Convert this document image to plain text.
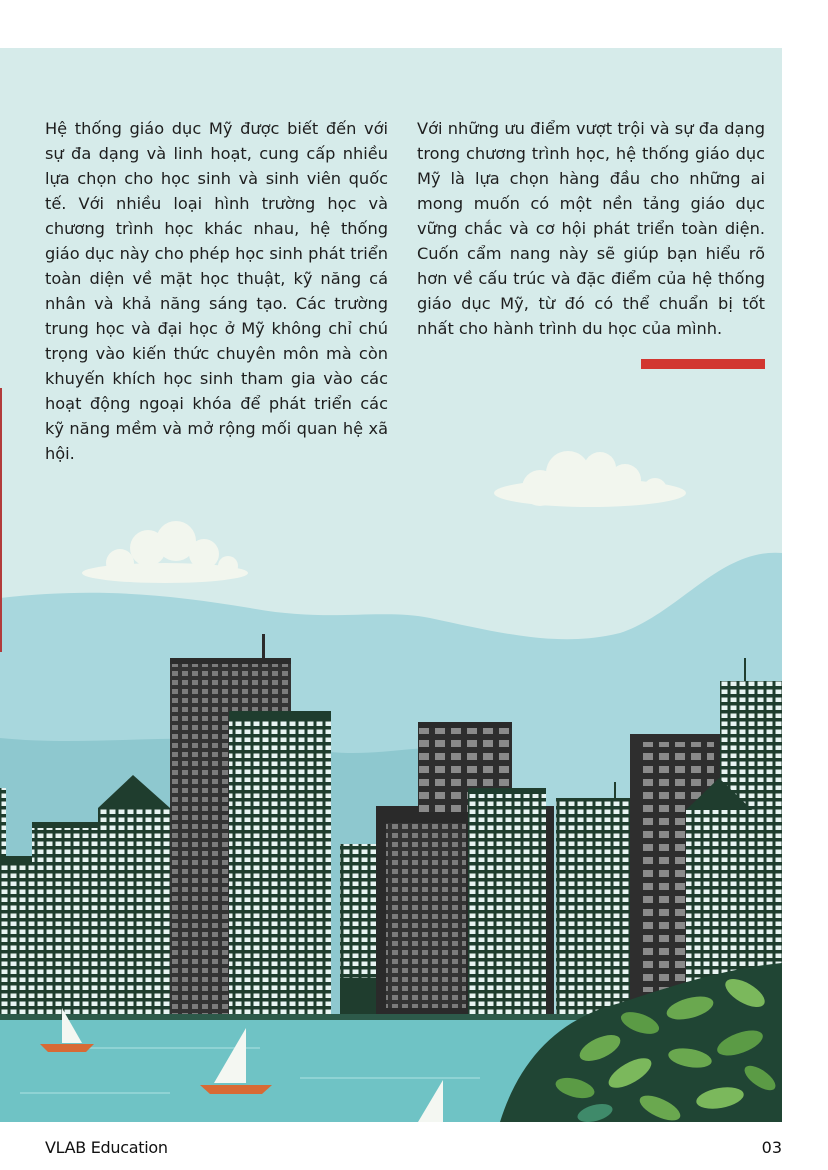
Hệ thống giáo dục Mỹ được biết đến với sự đa dạng và linh hoạt, cung cấp nhiều lựa chọn cho học sinh và sinh viên quốc tế. Với nhiều loại hình trường học và chương trình học khác nhau, hệ thống giáo dục này cho phép học sinh phát triển toàn diện về mặt học thuật, kỹ năng cá nhân và khả năng sáng tạo. Các trường trung học và đại học ở Mỹ không chỉ chú trọng vào kiến thức chuyên môn mà còn khuyến khích học sinh tham gia vào các hoạt động ngoại khóa để phát triển các kỹ năng mềm và mở rộng mối quan hệ xã hội.
Với những ưu điểm vượt trội và sự đa dạng trong chương trình học, hệ thống giáo dục Mỹ là lựa chọn hàng đầu cho những ai mong muốn có một nền tảng giáo dục vững chắc và cơ hội phát triển toàn diện. Cuốn cẩm nang này sẽ giúp bạn hiểu rõ hơn về cấu trúc và đặc điểm của hệ thống giáo dục Mỹ, từ đó có thể chuẩn bị tốt nhất cho hành trình du học của mình.
VLAB Education	03
